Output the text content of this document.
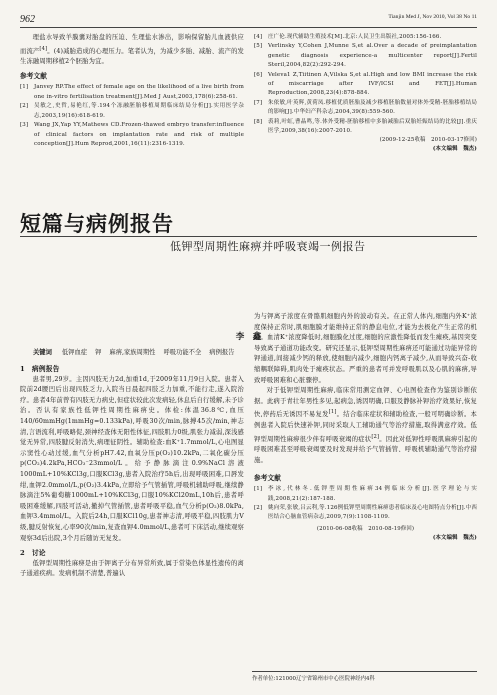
962	Tianjin Med J, Nov 2010, Vol 38 No 11

理盐水导致羊膜囊对胎盘的压迫、生理盐水渗出，影响保留胎儿血液供应而流产[4]。(4)减胎造成的心理压力。笔者认为，为减少多胎、减胎、流产的发生冻融周期移植2个胚胎为宜。

参考文献
[1]	Janvey RP.The effect of female age on the likelihood of a live birth from one in-vitro fertilisation treatment[J].Med J Aust,2003,178(6):258-61.
[2]	吴敏之,史哲,易艳红,等.194个冻融胚胎移植周期临床结局分析[J].实用医学杂志,2003,19(16):618-619.
[3]	Wang JX,Yap YY,Mathews CD.Frozen-thawed embryo transfer:influence of clinical factors on implantation rate and risk of multiple conception[J].Hum Reprod,2001,16(11):2316-1319.
[4]	庄广伦.现代辅助生殖技术[M].北京:人民卫生出版社,2005:156-166.
[5]	Verlinsky Y,Cohen J,Munne S,et al.Over a decade of preimplantation genetic diagnosis experience-a multicenter report[J].Fertil Steril,2004,82(2):292-294.
[6]	Veleva1 Z,Tiitinen A,Vilska S,et al.High and low BMI increase the risk of miscarriage after IVF/ICSI and FET[J].Human Reproduction,2008,23(4):878-884.
[7]	朱依敏,叶英辉,黄荷凤.移植优质胚胎及减少移植胚胎数量对体外受精-胚胎移植结局的影响[J].中华妇产科杂志,2004,39(8):559-560.
[8]	裘莉,叶虹,曹晶鸣,等.体外受精-胚胎移植中多胎减胎后双胎妊娠结局的比较[J].重庆医学,2009,38(16):2007-2010.
(2009-12-25收稿　2010-03-17修回)
(本文编辑　魏杰)
短篇与病例报告
低钾型周期性麻痹并呼吸衰竭一例报告
李　鑫
关键词 低钾血症 钾 麻痹,家族周期性 呼吸功能不全 病例报告

1　病例报告

患者男,29岁。主因四肢无力2d,加重1d,于2009年11月9日入院。患者入院前2d腰凹后出现四肢乏力,入院当日晨起四肢乏力加重,不能行走,遂入院治疗。患者4年前曾有四肢无力病史,但症状较此次发病轻,休息后自行缓解,未予诊治。否认有家族性低钾性周期性麻痹史。体检:体温36.8℃,血压140/60mmHg(1mmHg=0.133kPa),呼吸30次/min,脉搏45次/min,神志清,言语流利,呼吸略促,颈神经查体无阳性体征,四肢肌力0级,肌张力减弱,深浅感觉无异常,四肢腱反射消失,病理征阴性。辅助检查:血K⁺1.7mmol/L,心电图显示窦性心动过缓,血气分析pH7.42,血氧分压p(O₂)10.2kPa,二氧化碳分压p(CO₂)4.2kPa,HCO₃⁻23mmol/L。给予静脉滴注0.9%NaCl溶液1000mL+10%KCl3g,口服KCl3g,患者入院治疗5h后,出现呼吸困难,口唇发绀,血钾2.0mmol/L,p(O₂)3.4kPa,立即给予气管插管,呼吸机辅助呼吸,继续静脉滴注5%葡萄糖1000mL+10%KCl3g,口服10%KCl20mL,10h后,患者呼吸困难缓解,四肢可活动,撤掉气管插管,患者呼吸平稳,血气分析p(O₂)8.0kPa,血钾3.4mmol/L。入院后24h,口服KCl10g,患者神志清,呼吸平稳,四肢肌力Ⅴ级,腱反射恢复,心率90次/min,复查血钾4.0mmol/L,患者可下床活动,继续观察观察3d后出院,3个月后随访无复发。

2　讨论

低钾型周期性麻痹是由于钾离子分布异常所致,属于常染色体显性遗传的离子通道疾病。发病机制不清楚,普遍认

为与钾离子浓度在骨骼肌细胞内外的波动有关。在正常人体内,细胞内外K⁺浓度保持正常时,肌细胞膜才能维持正常的静息电位,才能为去极化产生正常的机能。血清K⁺浓度降低时,细胞膜化过度,细胞的应激性降低而发生瘫痪,基因突变导致离子通道功能改变。研究还显示,低钾型周期性麻痹还可能通过功能异常的钾通道,间接减少钙的释放,使细胞内减少,细胞内钙离子减少,从而导致兴奋-收缩耦联障碍,肌肉处于瘫痪状态。严重的患者可并发呼吸肌以及心肌的麻痹,导致呼吸困难和心脏骤停。

对于低钾型周期性麻痹,临床常用测定血钾、心电图检查作为鉴别诊断依据。此病于青壮年男性多见,起病急,诱因明确,口服及静脉补钾治疗效果好,恢复快,停药后无诱因不易复发[1]。结合临床症状和辅助检查,一般可明确诊断。本例患者入院后快速补钾,同时采取人工辅助通气等治疗措施,取得满意疗效。低钾型周期性麻痹很少伴有呼吸衰竭的症状[2]。因此对低钾性呼吸肌麻痹引起的呼吸困难甚至呼吸衰竭要及时发现并给予气管插管、呼吸机辅助通气等治疗措施。

参考文献
[1]	李冰,代林冬.低钾型周期性麻痹34例临床分析[J].医学理论与实践,2008,21(2):187-188.
[2]	姚向荣,张敏,吕云利,等.126例低钾型周期性麻痹患者临床及心电图特点分析[J].中西医结合心脑血管病杂志,2009,7(9):1108-1109.
(2010-06-08收稿　2010-08-19修回)
(本文编辑　魏杰)
作者单位:121000辽宁省锦州市中心医院神经内4科
